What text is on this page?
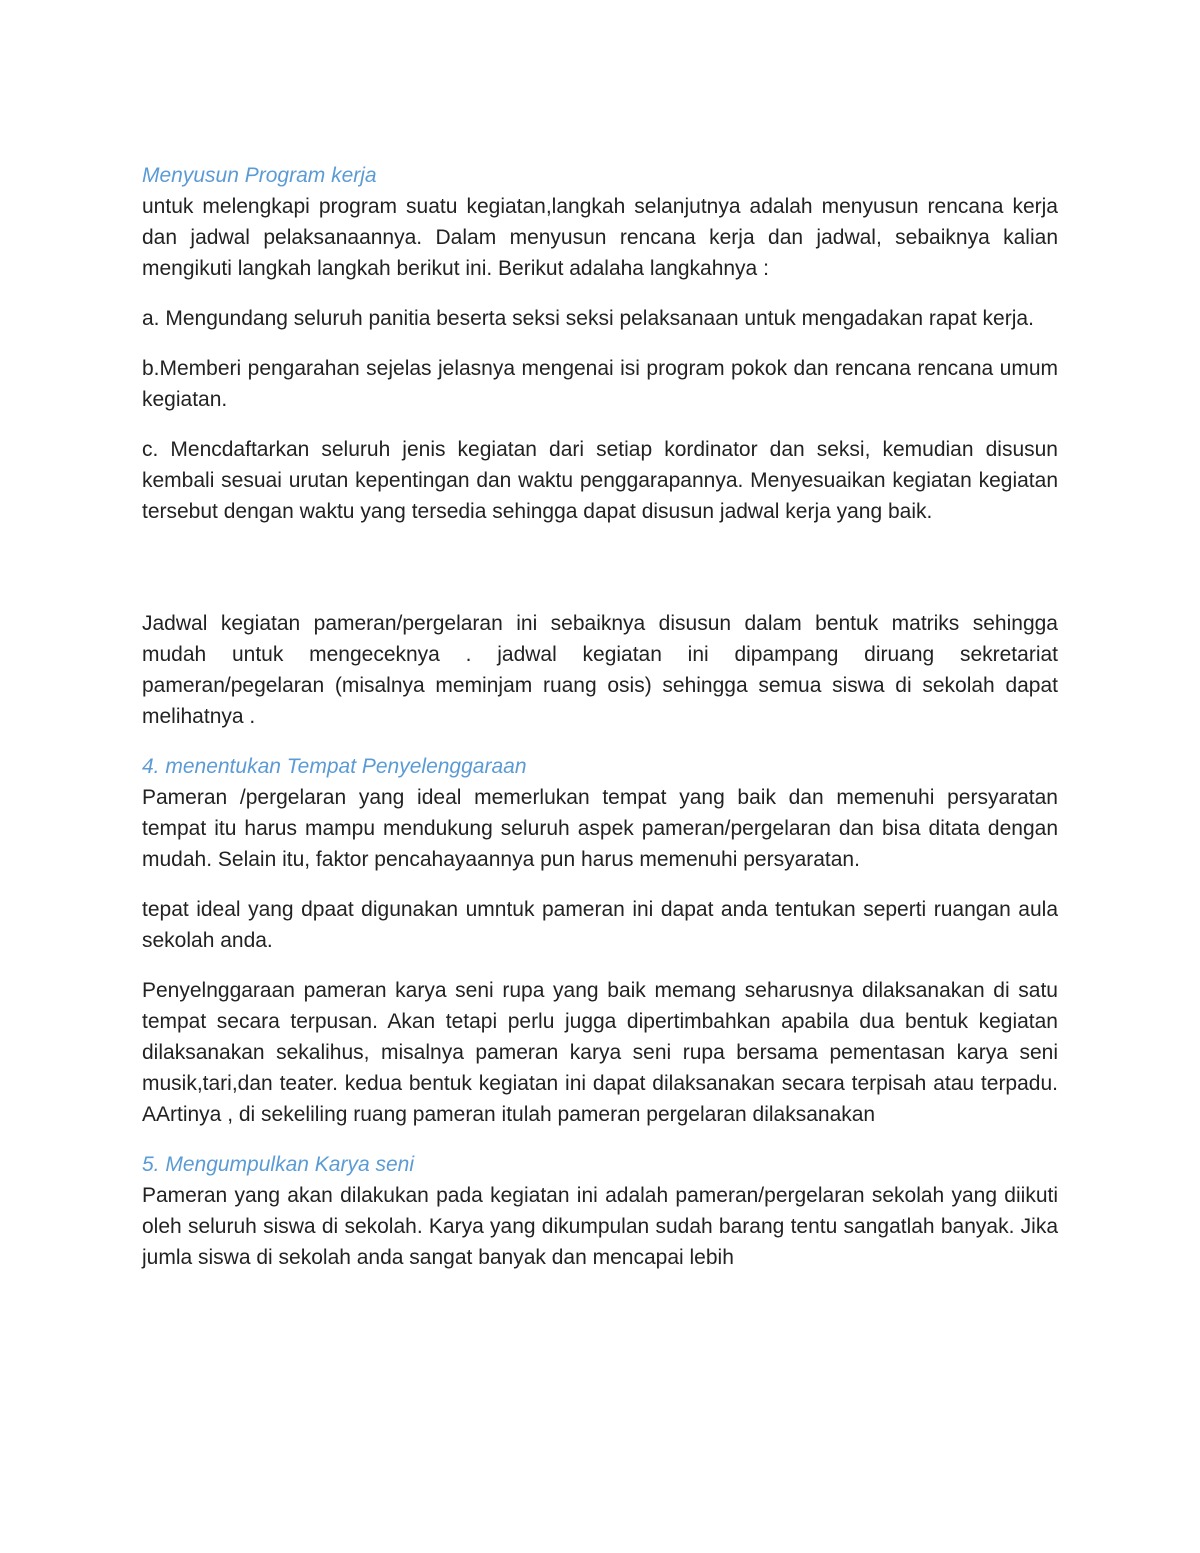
Menyusun Program kerja

untuk melengkapi program suatu kegiatan,langkah selanjutnya adalah menyusun rencana kerja dan jadwal pelaksanaannya. Dalam menyusun rencana kerja dan jadwal, sebaiknya kalian mengikuti langkah langkah berikut ini. Berikut adalaha langkahnya :

a. Mengundang seluruh panitia beserta seksi seksi pelaksanaan untuk mengadakan rapat kerja.

b.Memberi pengarahan sejelas jelasnya mengenai isi program pokok dan rencana rencana umum kegiatan.

c. Mencdaftarkan seluruh jenis kegiatan dari setiap kordinator dan seksi, kemudian disusun kembali sesuai urutan kepentingan dan waktu penggarapannya. Menyesuaikan kegiatan kegiatan tersebut dengan waktu yang tersedia sehingga dapat disusun jadwal kerja yang baik.

Jadwal kegiatan pameran/pergelaran ini sebaiknya disusun dalam bentuk matriks sehingga mudah untuk mengeceknya . jadwal kegiatan ini dipampang diruang sekretariat pameran/pegelaran (misalnya meminjam ruang osis) sehingga semua siswa di sekolah dapat melihatnya .

4. menentukan Tempat Penyelenggaraan

Pameran /pergelaran yang ideal memerlukan tempat yang baik dan memenuhi persyaratan tempat itu harus mampu mendukung seluruh aspek pameran/pergelaran dan bisa ditata dengan mudah. Selain itu, faktor pencahayaannya pun harus memenuhi persyaratan.

tepat ideal yang dpaat digunakan umntuk pameran ini dapat anda tentukan seperti ruangan aula sekolah anda.

Penyelnggaraan pameran karya seni rupa yang baik memang seharusnya dilaksanakan di satu tempat secara terpusan. Akan tetapi perlu jugga dipertimbahkan apabila dua bentuk kegiatan dilaksanakan sekalihus, misalnya pameran karya seni rupa bersama pementasan karya seni musik,tari,dan teater. kedua bentuk kegiatan ini dapat dilaksanakan secara terpisah atau terpadu. AArtinya , di sekeliling ruang pameran itulah pameran pergelaran dilaksanakan

5. Mengumpulkan Karya seni

Pameran yang akan dilakukan pada kegiatan ini adalah pameran/pergelaran sekolah yang diikuti oleh seluruh siswa di sekolah. Karya yang dikumpulan sudah barang tentu sangatlah banyak. Jika jumla siswa di sekolah anda sangat banyak dan mencapai lebih
